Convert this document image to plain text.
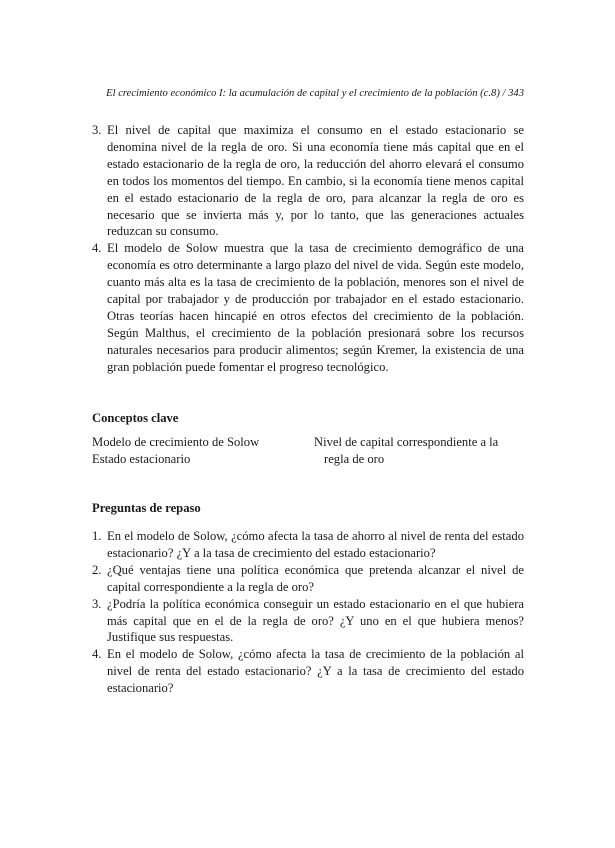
El crecimiento económico I: la acumulación de capital y el crecimiento de la población (c.8) / 343

3. El nivel de capital que maximiza el consumo en el estado estacionario se denomina nivel de la regla de oro. Si una economía tiene más capital que en el estado estacionario de la regla de oro, la reducción del ahorro elevará el consumo en todos los momentos del tiempo. En cambio, si la economía tiene menos capital en el estado estacionario de la regla de oro, para alcanzar la regla de oro es necesario que se invierta más y, por lo tanto, que las generaciones actuales reduzcan su consumo.

4. El modelo de Solow muestra que la tasa de crecimiento demográfico de una economía es otro determinante a largo plazo del nivel de vida. Según este modelo, cuanto más alta es la tasa de crecimiento de la población, menores son el nivel de capital por trabajador y de producción por trabajador en el estado estacionario. Otras teorías hacen hincapié en otros efectos del crecimiento de la población. Según Malthus, el crecimiento de la población presionará sobre los recursos naturales necesarios para producir alimentos; según Kremer, la existencia de una gran población puede fomentar el progreso tecnológico.

Conceptos clave
Modelo de crecimiento de Solow
Estado estacionario
Nivel de capital correspondiente a la regla de oro
Preguntas de repaso

1. En el modelo de Solow, ¿cómo afecta la tasa de ahorro al nivel de renta del estado estacionario? ¿Y a la tasa de crecimiento del estado estacionario?

2. ¿Qué ventajas tiene una política económica que pretenda alcanzar el nivel de capital correspondiente a la regla de oro?

3. ¿Podría la política económica conseguir un estado estacionario en el que hubiera más capital que en el de la regla de oro? ¿Y uno en el que hubiera menos? Justifique sus respuestas.

4. En el modelo de Solow, ¿cómo afecta la tasa de crecimiento de la población al nivel de renta del estado estacionario? ¿Y a la tasa de crecimiento del estado estacionario?
